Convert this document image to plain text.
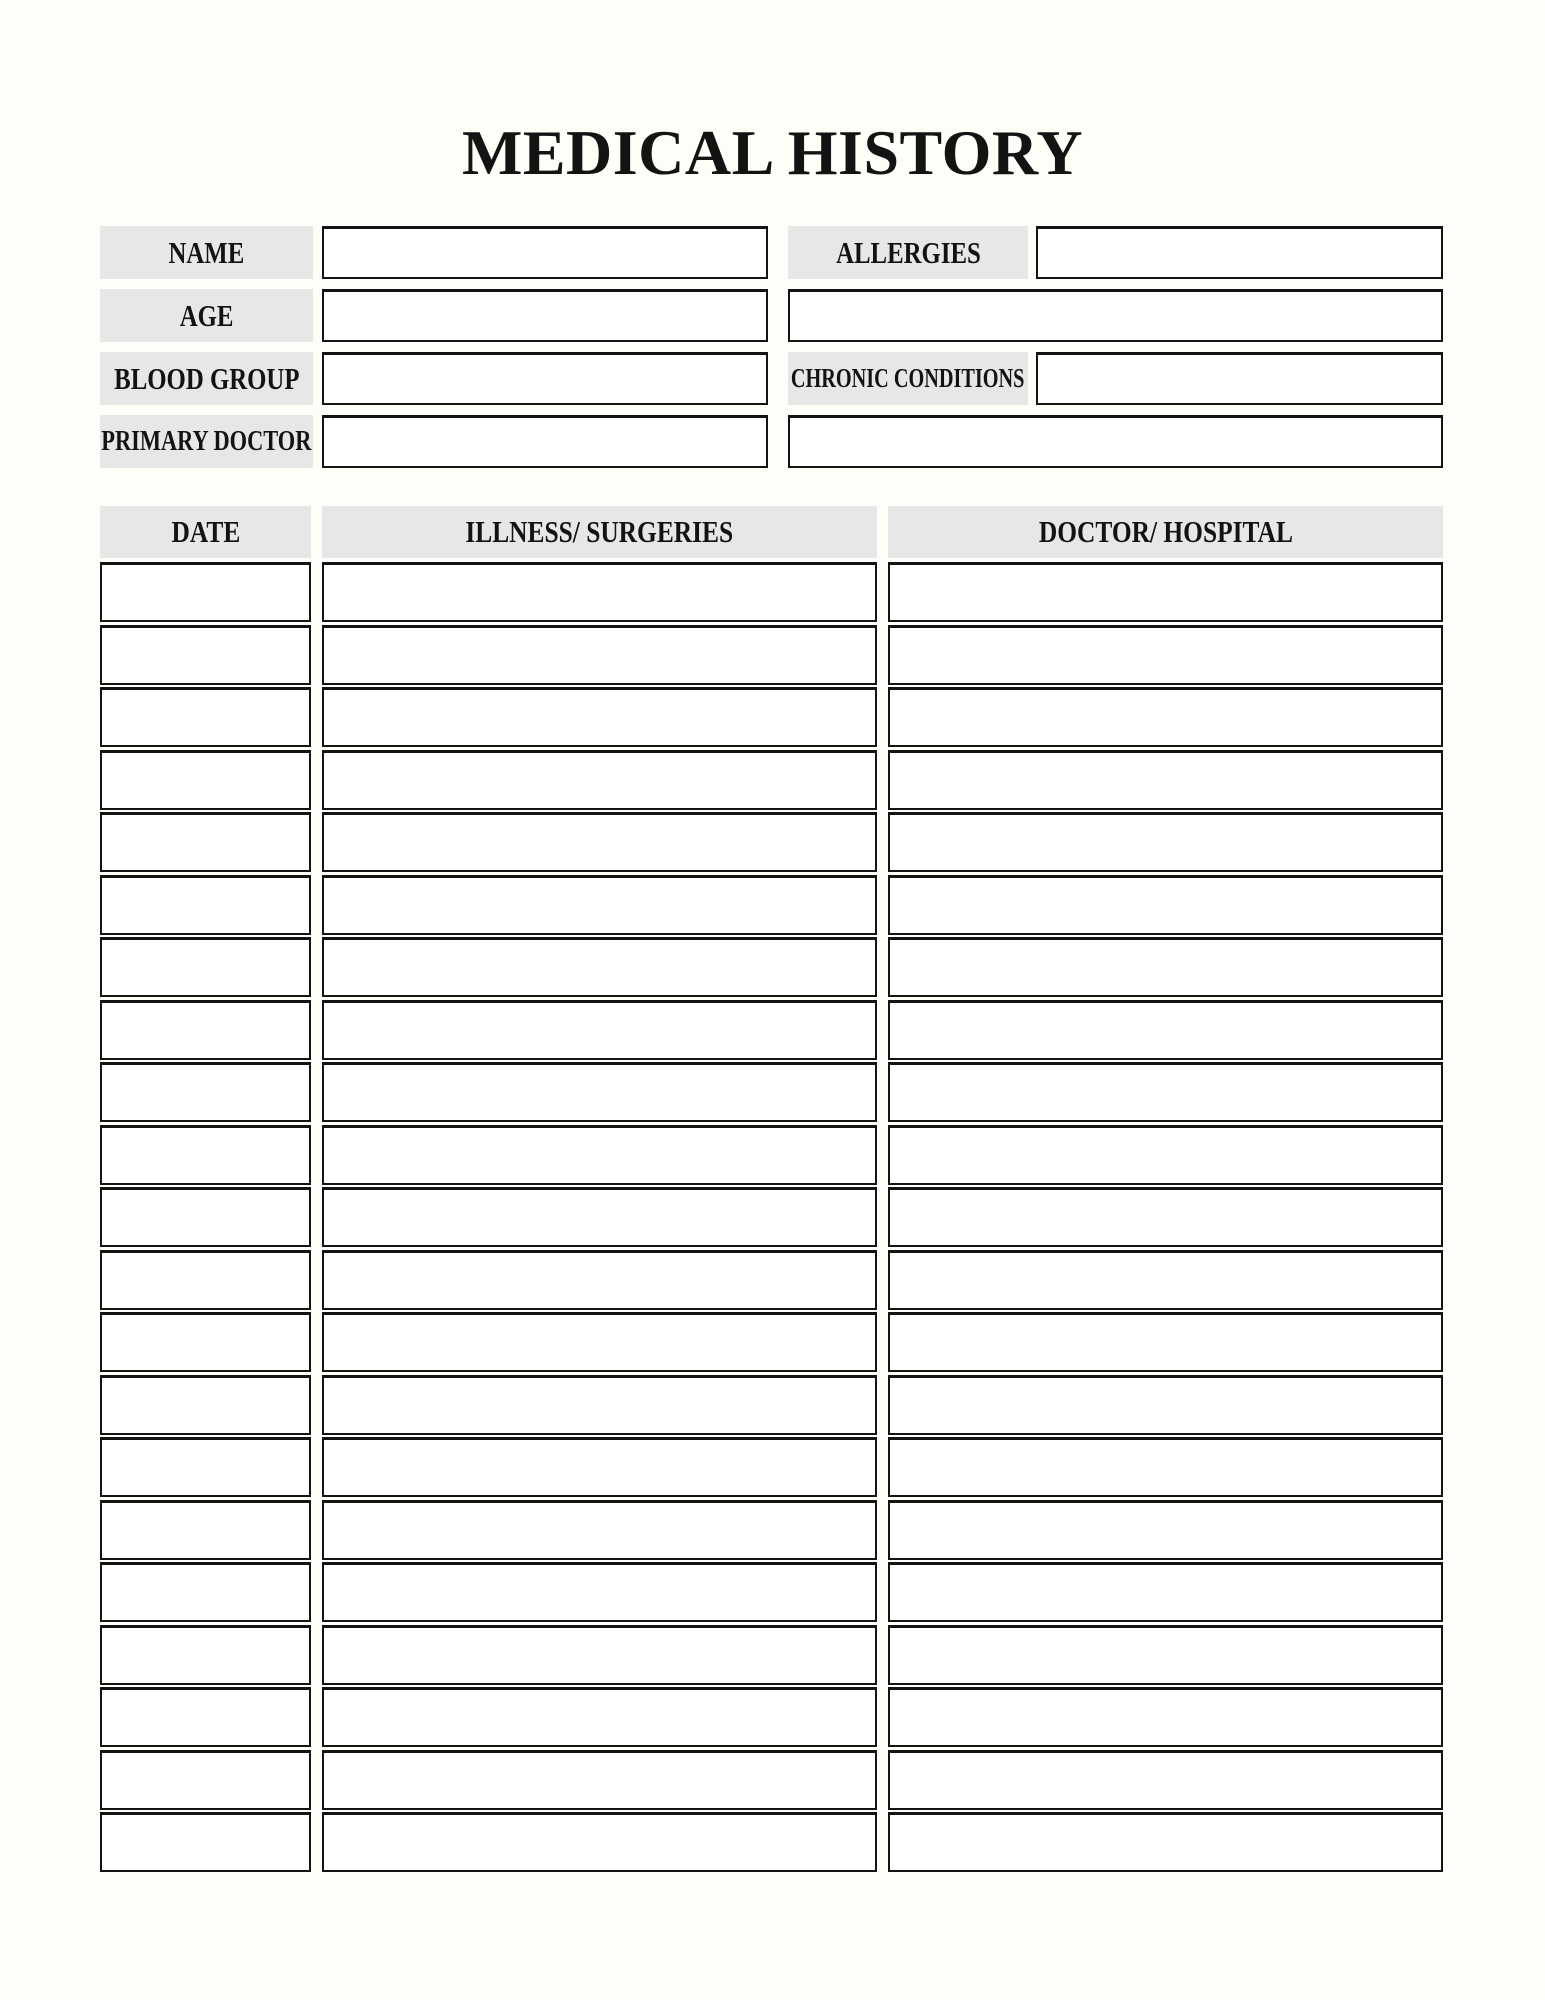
MEDICAL HISTORY
NAME
AGE
BLOOD GROUP
PRIMARY DOCTOR
ALLERGIES
CHRONIC CONDITIONS
DATE	ILLNESS/ SURGERIES	DOCTOR/ HOSPITAL
